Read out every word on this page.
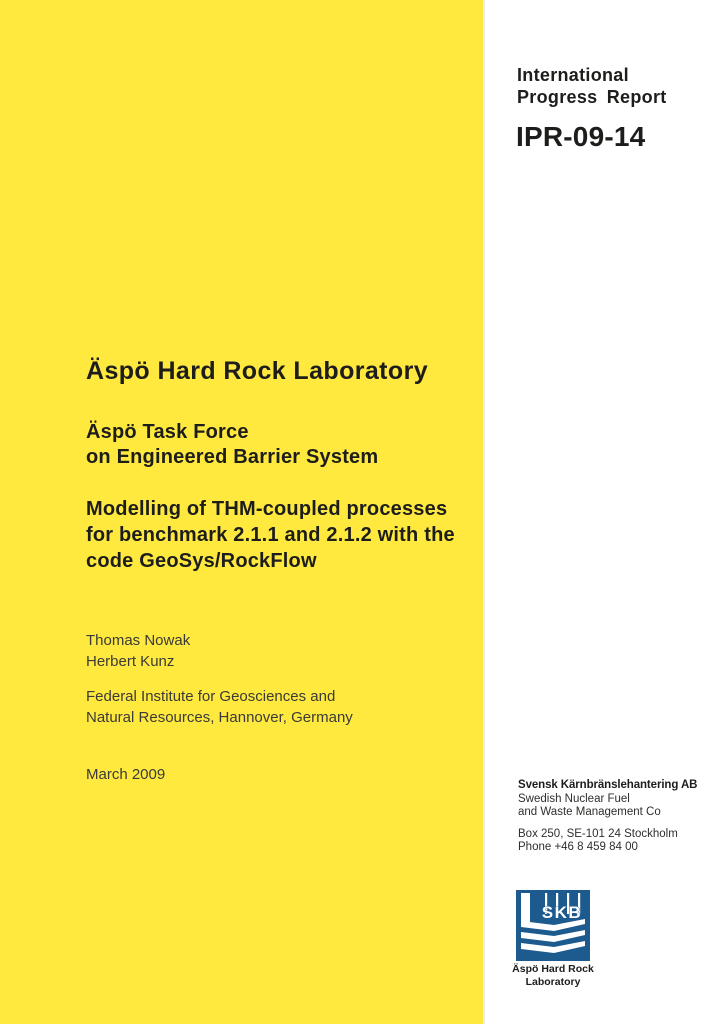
Äspö Hard Rock Laboratory
Äspö Task Force
on Engineered Barrier System
Modelling of THM-coupled processes
for benchmark 2.1.1 and 2.1.2 with the
code GeoSys/RockFlow
Thomas Nowak
Herbert Kunz
Federal Institute for Geosciences and
Natural Resources, Hannover, Germany
March 2009
International
Progress Report
IPR-09-14
Svensk Kärnbränslehantering AB
Swedish Nuclear Fuel
and Waste Management Co
Box 250, SE-101 24 Stockholm
Phone +46 8 459 84 00
SKB
Äspö Hard Rock
Laboratory
